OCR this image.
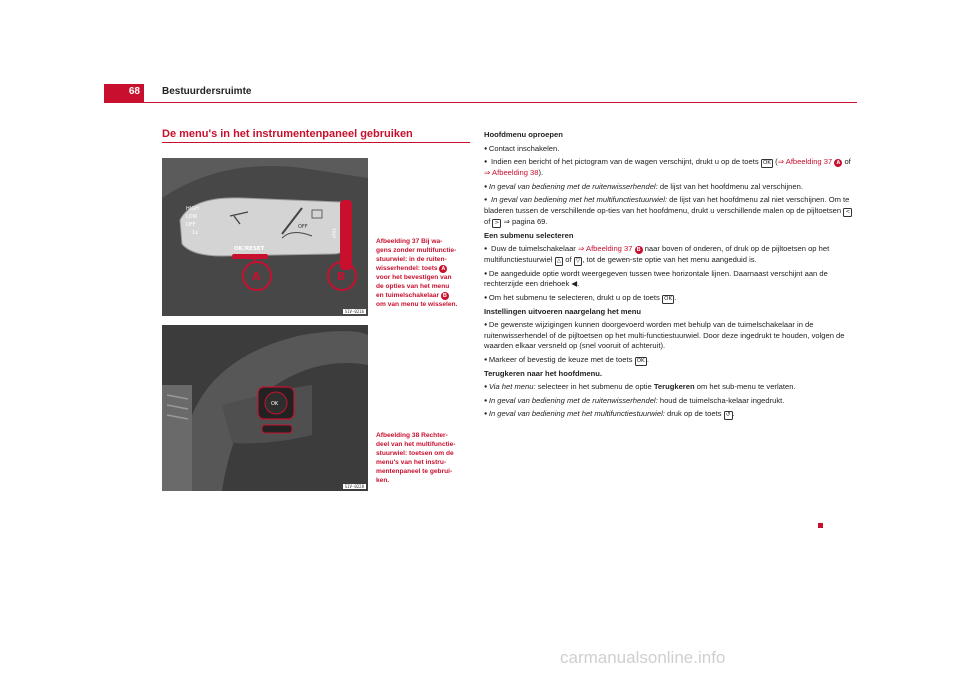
68 Bestuurdersruimte
De menu's in het instrumentenpaneel gebruiken
HIGH
LOW
OFF
1x
OFF
OK/RESET
TRIP
A	B
S1V-0216
Afbeelding 37 Bij wa-
gens zonder multifunctie-
stuurwiel: in de ruiten-
wisserhendel: toets A
voor het bevestigen van
de opties van het menu
en tuimelschakelaar B
om van menu te wisselen.
OK
S1V-0228
Afbeelding 38 Rechter-
deel van het multifunctie-
stuurwiel: toetsen om de
menu's van het instru-
mentenpaneel te gebrui-
ken.

Hoofdmenu oproepen

● Contact inschakelen.

● Indien een bericht of het pictogram van de wagen verschijnt, drukt u op de toets OK (⇒ Afbeelding 37 A of ⇒ Afbeelding 38).

● In geval van bediening met de ruitenwisserhendel: de lijst van het hoofdmenu zal verschijnen.

● In geval van bediening met het multifunctiestuurwiel: de lijst van het hoofdmenu zal niet verschijnen. Om te bladeren tussen de verschillende op-ties van het hoofdmenu, drukt u verschillende malen op de pijltoetsen < of > ⇒ pagina 69.

Een submenu selecteren

● Duw de tuimelschakelaar ⇒ Afbeelding 37 B naar boven of onderen, of druk op de pijltoetsen op het multifunctiestuurwiel △ of ▽ , tot de gewen-ste optie van het menu aangeduid is.

● De aangeduide optie wordt weergegeven tussen twee horizontale lijnen. Daarnaast verschijnt aan de rechterzijde een driehoek ◀.

● Om het submenu te selecteren, drukt u op de toets OK .

Instellingen uitvoeren naargelang het menu

● De gewenste wijzigingen kunnen doorgevoerd worden met behulp van de tuimelschakelaar in de ruitenwisserhendel of de pijltoetsen op het multi-functiestuurwiel. Door deze ingedrukt te houden, volgen de waarden elkaar versneld op (snel vooruit of achteruit).

● Markeer of bevestig de keuze met de toets OK .

Terugkeren naar het hoofdmenu.

● Via het menu: selecteer in het submenu de optie Terugkeren om het sub-menu te verlaten.

● In geval van bediening met de ruitenwisserhendel: houd de tuimelscha-kelaar ingedrukt.

● In geval van bediening met het multifunctiestuurwiel: druk op de toets ↺ .

carmanualsonline.info
